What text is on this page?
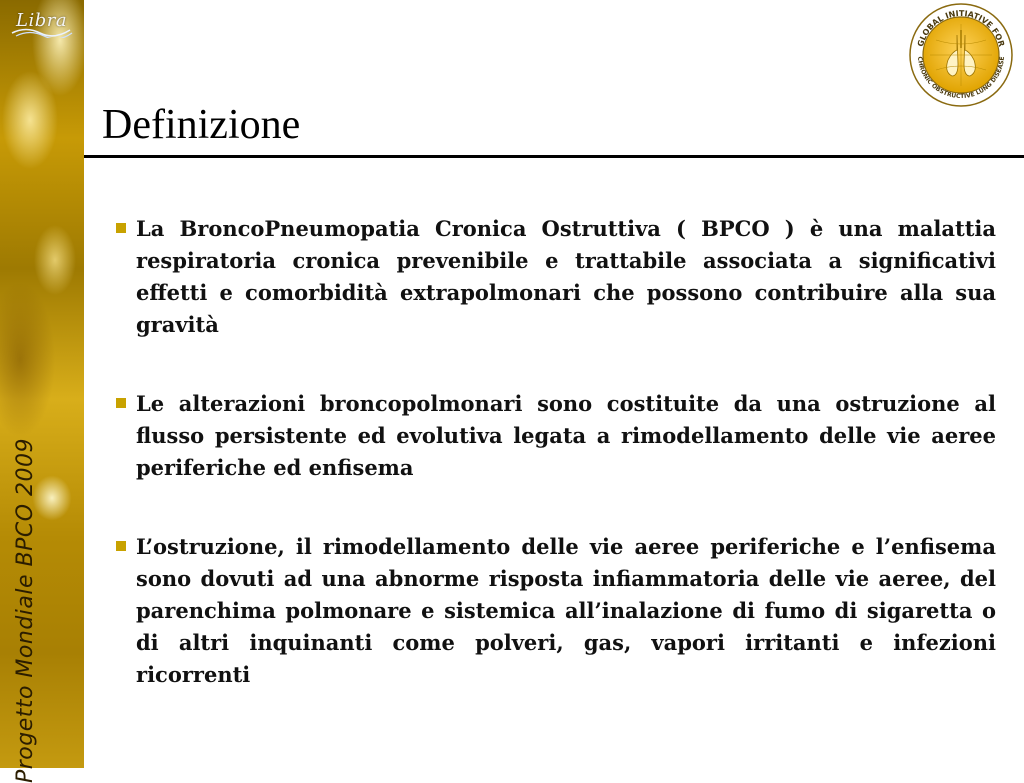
Libra
Progetto Mondiale BPCO 2009
Definizione
GLOBAL INITIATIVE FOR
CHRONIC OBSTRUCTIVE LUNG DISEASE
La BroncoPneumopatia Cronica Ostruttiva ( BPCO ) è una malattia respiratoria cronica prevenibile e trattabile associata a significativi effetti e comorbidità extrapolmonari che possono contribuire alla sua gravità
Le alterazioni broncopolmonari sono costituite da una ostruzione al flusso persistente ed evolutiva legata a rimodellamento delle vie aeree periferiche ed enfisema
L’ostruzione, il rimodellamento delle vie aeree periferiche e l’enfisema sono dovuti ad una abnorme risposta infiammatoria delle vie aeree, del parenchima polmonare e sistemica all’inalazione di fumo di sigaretta o di altri inquinanti come polveri, gas, vapori irritanti e infezioni ricorrenti
